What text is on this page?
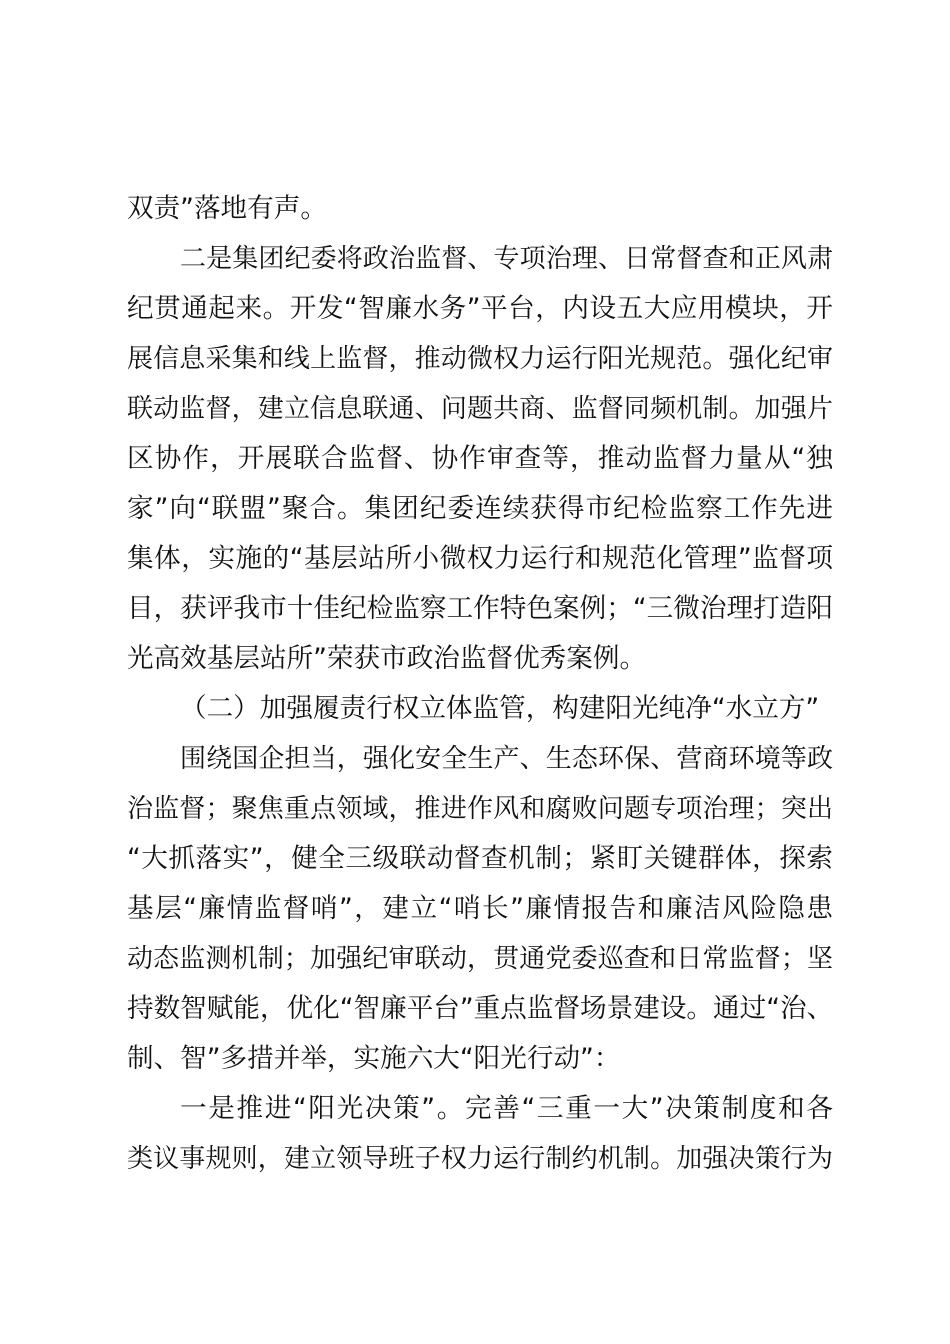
双责”落地有声。

二是集团纪委将政治监督、专项治理、日常督查和正风肃

纪贯通起来。开发“智廉水务”平台，内设五大应用模块，开

展信息采集和线上监督，推动微权力运行阳光规范。强化纪审

联动监督，建立信息联通、问题共商、监督同频机制。加强片

区协作，开展联合监督、协作审查等，推动监督力量从“独

家”向“联盟”聚合。集团纪委连续获得市纪检监察工作先进

集体，实施的“基层站所小微权力运行和规范化管理”监督项

目，获评我市十佳纪检监察工作特色案例；“三微治理打造阳

光高效基层站所”荣获市政治监督优秀案例。

（二）加强履责行权立体监管，构建阳光纯净“水立方”

围绕国企担当，强化安全生产、生态环保、营商环境等政

治监督；聚焦重点领域，推进作风和腐败问题专项治理；突出

“大抓落实”，健全三级联动督查机制；紧盯关键群体，探索

基层“廉情监督哨”，建立“哨长”廉情报告和廉洁风险隐患

动态监测机制；加强纪审联动，贯通党委巡查和日常监督；坚

持数智赋能，优化“智廉平台”重点监督场景建设。通过“治、

制、智”多措并举，实施六大“阳光行动”：

一是推进“阳光决策”。完善“三重一大”决策制度和各

类议事规则，建立领导班子权力运行制约机制。加强决策行为
